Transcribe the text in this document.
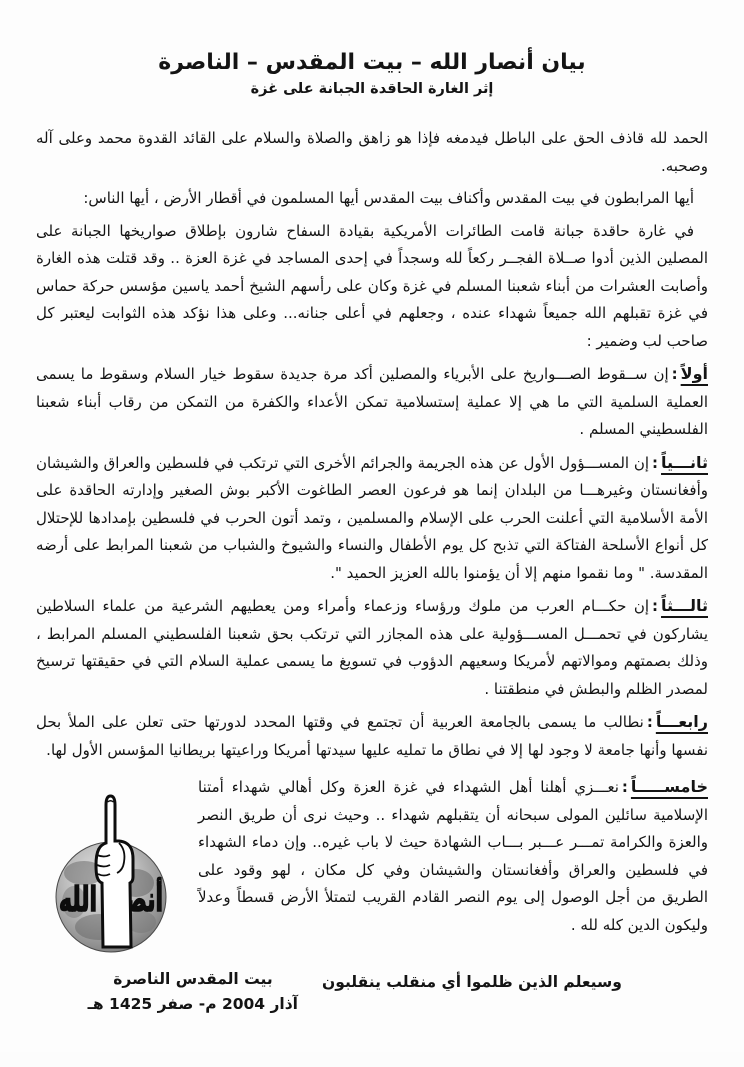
بيان أنصار الله – بيت المقدس – الناصرة
إثر الغارة الحاقدة الجبانة على غزة

الحمد لله قاذف الحق على الباطل فيدمغه فإذا هو زاهق والصلاة والسلام على القائد القدوة محمد وعلى آله وصحبه.

أيها المرابطون في بيت المقدس وأكناف بيت المقدس أيها المسلمون في أقطار الأرض ، أيها الناس:

في غارة حاقدة جبانة قامت الطائرات الأمريكية بقيادة السفاح شارون بإطلاق صواريخها الجبانة على المصلين الذين أدوا صــلاة الفجــر ركعاً لله وسجداً في إحدى المساجد في غزة العزة .. وقد قتلت هذه الغارة وأصابت العشرات من أبناء شعبنا المسلم في غزة وكان على رأسهم الشيخ أحمد ياسين مؤسس حركة حماس في غزة تقبلهم الله جميعاً شهداء عنده ، وجعلهم في أعلى جنانه... وعلى هذا نؤكد هذه الثوابت ليعتبر كل صاحب لب وضمير :

أولاً:إن ســقوط الصـــواريخ على الأبرياء والمصلين أكد مرة جديدة سقوط خيار السلام وسقوط ما يسمى العملية السلمية التي ما هي إلا عملية إستسلامية تمكن الأعداء والكفرة من التمكن من رقاب أبناء شعبنا الفلسطيني المسلم .

ثانـــياً:إن المســـؤول الأول عن هذه الجريمة والجرائم الأخرى التي ترتكب في فلسطين والعراق والشيشان وأفغانستان وغيرهـــا من البلدان إنما هو فرعون العصر الطاغوت الأكبر بوش الصغير وإدارته الحاقدة على الأمة الأسلامية التي أعلنت الحرب على الإسلام والمسلمين ، وتمد أتون الحرب في فلسطين بإمدادها للإحتلال كل أنواع الأسلحة الفتاكة التي تذبح كل يوم الأطفال والنساء والشيوخ والشباب من شعبنا المرابط على أرضه المقدسة. " وما نقموا منهم إلا أن يؤمنوا بالله العزيز الحميد ".

ثالـــثاً:إن حكـــام العرب من ملوك ورؤساء وزعماء وأمراء ومن يعطيهم الشرعية من علماء السلاطين يشاركون في تحمـــل المســـؤولية على هذه المجازر التي ترتكب بحق شعبنا الفلسطيني المسلم المرابط ، وذلك بصمتهم وموالاتهم لأمريكا وسعيهم الدؤوب في تسويغ ما يسمى عملية السلام التي في حقيقتها ترسيخ لمصدر الظلم والبطش في منطقتنا .

رابعـــاً:نطالب ما يسمى بالجامعة العربية أن تجتمع في وقتها المحدد لدورتها حتى تعلن على الملأ بحل نفسها وأنها جامعة لا وجود لها إلا في نطاق ما تمليه عليها سيدتها أمريكا وراعيتها بريطانيا المؤسس الأول لها.

خامســـــاً:نعـــزي أهلنا أهل الشهداء في غزة العزة وكل أهالي شهداء أمتنا الإسلامية سائلين المولى سبحانه أن يتقبلهم شهداء .. وحيث نرى أن طريق النصر والعزة والكرامة تمـــر عـــبر بـــاب الشهادة حيث لا باب غيره.. وإن دماء الشهداء في فلسطين والعراق وأفغانستان والشيشان وفي كل مكان ، لهو وقود على الطريق من أجل الوصول إلى يوم النصر القادم القريب لتمتلأ الأرض قسطاً وعدلاً وليكون الدين كله لله .

أنصار الله
وسيعلم الذين ظلموا أي منقلب ينقلبون
بيت المقدس الناصرة
آذار 2004 م- صفر 1425 هـ
